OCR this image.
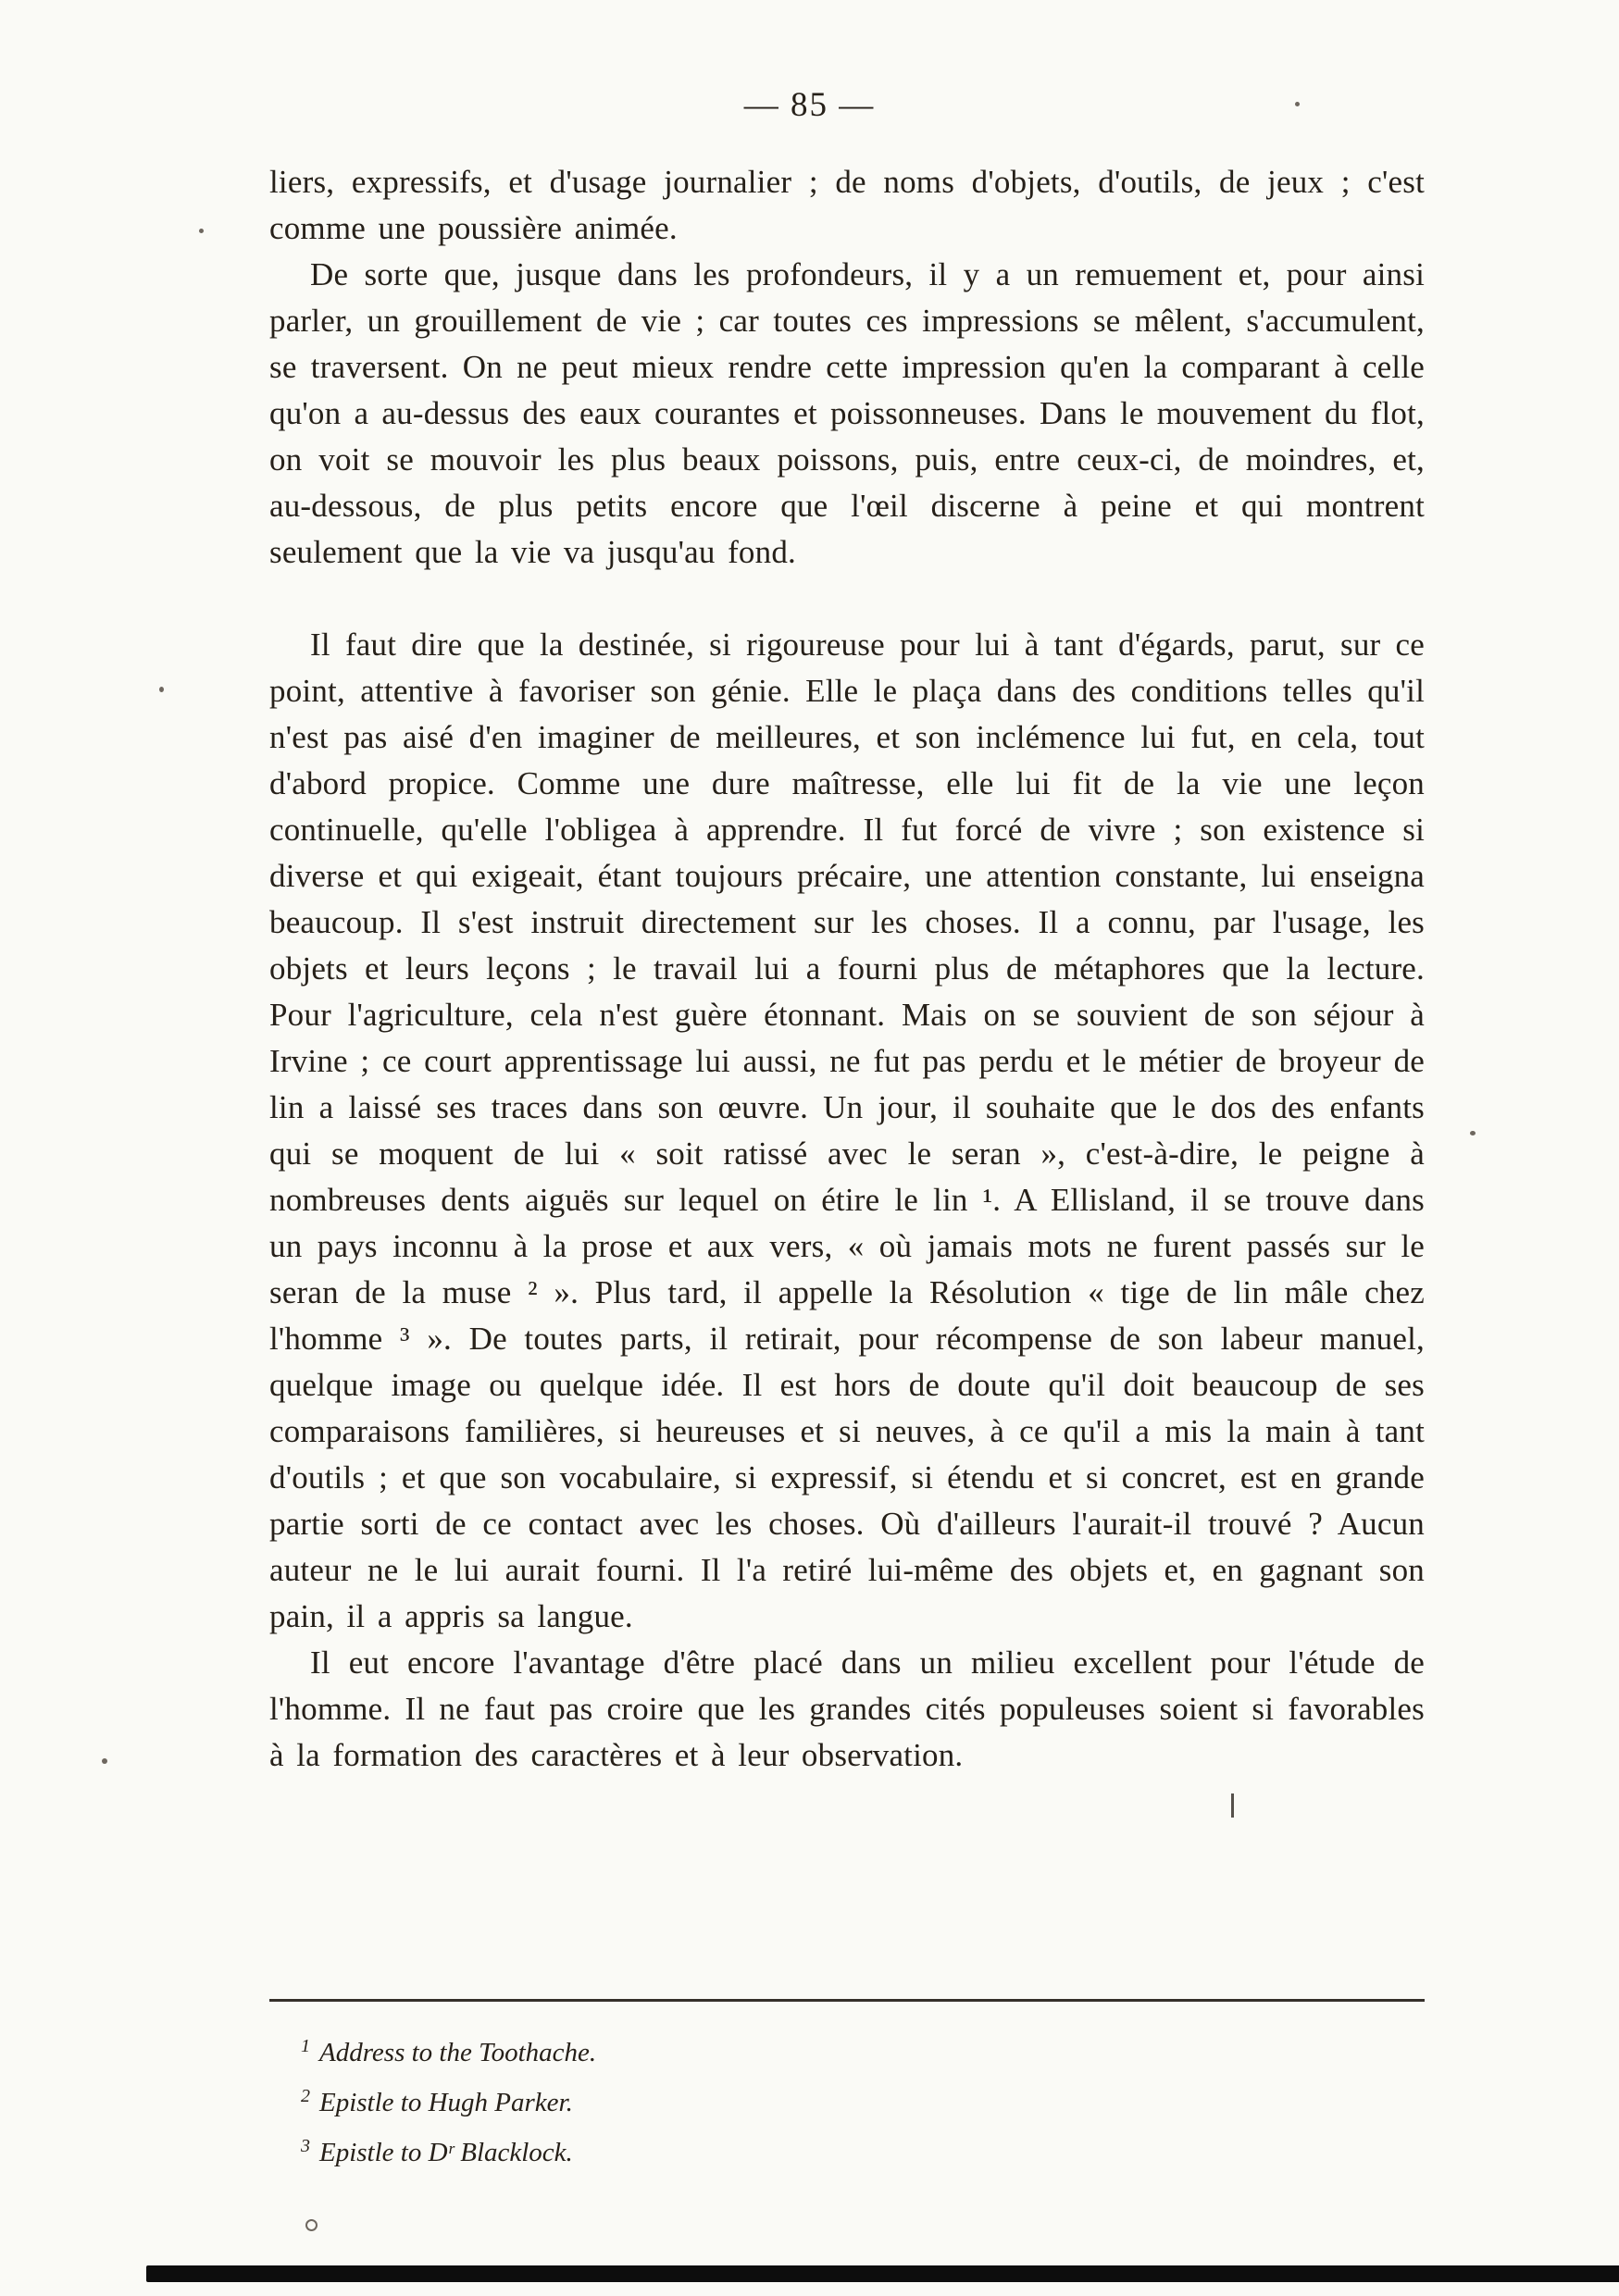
— 85 —

liers, expressifs, et d'usage journalier ; de noms d'objets, d'outils, de jeux ; c'est comme une poussière animée.

De sorte que, jusque dans les profondeurs, il y a un remuement et, pour ainsi parler, un grouillement de vie ; car toutes ces impressions se mêlent, s'accumulent, se traversent. On ne peut mieux rendre cette impression qu'en la comparant à celle qu'on a au-dessus des eaux courantes et poissonneuses. Dans le mouvement du flot, on voit se mouvoir les plus beaux poissons, puis, entre ceux-ci, de moindres, et, au-dessous, de plus petits encore que l'œil discerne à peine et qui montrent seulement que la vie va jusqu'au fond.

Il faut dire que la destinée, si rigoureuse pour lui à tant d'égards, parut, sur ce point, attentive à favoriser son génie. Elle le plaça dans des conditions telles qu'il n'est pas aisé d'en imaginer de meilleures, et son inclémence lui fut, en cela, tout d'abord propice. Comme une dure maîtresse, elle lui fit de la vie une leçon continuelle, qu'elle l'obligea à apprendre. Il fut forcé de vivre ; son existence si diverse et qui exigeait, étant toujours précaire, une attention constante, lui enseigna beaucoup. Il s'est instruit directement sur les choses. Il a connu, par l'usage, les objets et leurs leçons ; le travail lui a fourni plus de métaphores que la lecture. Pour l'agriculture, cela n'est guère étonnant. Mais on se souvient de son séjour à Irvine ; ce court apprentissage lui aussi, ne fut pas perdu et le métier de broyeur de lin a laissé ses traces dans son œuvre. Un jour, il souhaite que le dos des enfants qui se moquent de lui « soit ratissé avec le seran », c'est-à-dire, le peigne à nombreuses dents aiguës sur lequel on étire le lin ¹. A Ellisland, il se trouve dans un pays inconnu à la prose et aux vers, « où jamais mots ne furent passés sur le seran de la muse ² ». Plus tard, il appelle la Résolution « tige de lin mâle chez l'homme ³ ». De toutes parts, il retirait, pour récompense de son labeur manuel, quelque image ou quelque idée. Il est hors de doute qu'il doit beaucoup de ses comparaisons familières, si heureuses et si neuves, à ce qu'il a mis la main à tant d'outils ; et que son vocabulaire, si expressif, si étendu et si concret, est en grande partie sorti de ce contact avec les choses. Où d'ailleurs l'aurait-il trouvé ? Aucun auteur ne le lui aurait fourni. Il l'a retiré lui-même des objets et, en gagnant son pain, il a appris sa langue.

Il eut encore l'avantage d'être placé dans un milieu excellent pour l'étude de l'homme. Il ne faut pas croire que les grandes cités populeuses soient si favorables à la formation des caractères et à leur observation.

$^1$ Address to the Toothache.
$^2$ Epistle to Hugh Parker.
$^3$ Epistle to Dʳ Blacklock.
